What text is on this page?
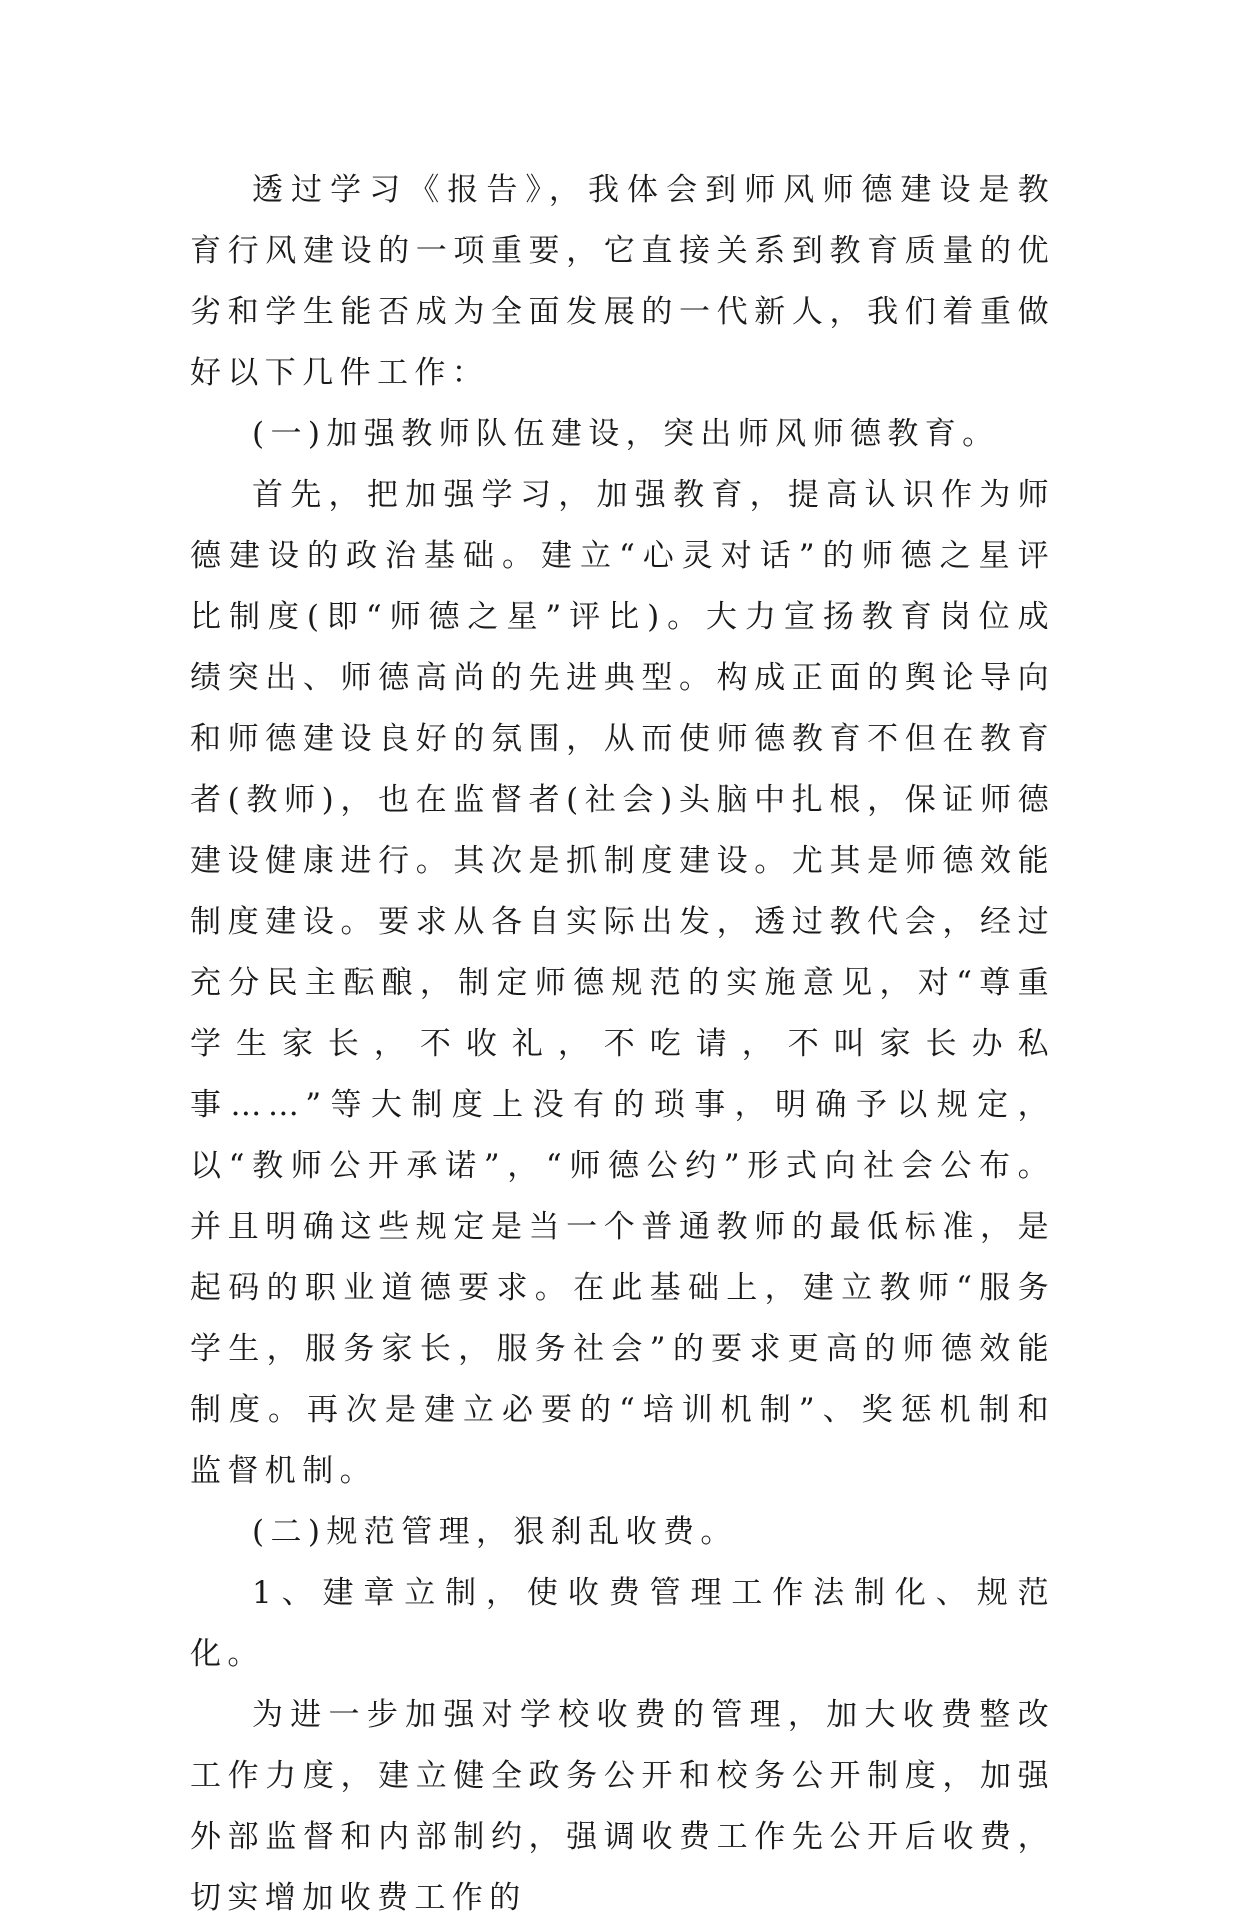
透过学习《报告》，我体会到师风师德建设是教育行风建设的一项重要，它直接关系到教育质量的优劣和学生能否成为全面发展的一代新人，我们着重做好以下几件工作：

(一)加强教师队伍建设，突出师风师德教育。

首先，把加强学习，加强教育，提高认识作为师德建设的政治基础。建立“心灵对话”的师德之星评比制度(即“师德之星”评比)。大力宣扬教育岗位成绩突出、师德高尚的先进典型。构成正面的舆论导向和师德建设良好的氛围，从而使师德教育不但在教育者(教师)，也在监督者(社会)头脑中扎根，保证师德建设健康进行。其次是抓制度建设。尤其是师德效能制度建设。要求从各自实际出发，透过教代会，经过充分民主酝酿，制定师德规范的实施意见，对“尊重学生家长，不收礼，不吃请，不叫家长办私事……”等大制度上没有的琐事，明确予以规定，以“教师公开承诺”，“师德公约”形式向社会公布。并且明确这些规定是当一个普通教师的最低标准，是起码的职业道德要求。在此基础上，建立教师“服务学生，服务家长，服务社会”的要求更高的师德效能制度。再次是建立必要的“培训机制”、奖惩机制和监督机制。

(二)规范管理，狠刹乱收费。

1、建章立制，使收费管理工作法制化、规范化。

为进一步加强对学校收费的管理，加大收费整改工作力度，建立健全政务公开和校务公开制度，加强外部监督和内部制约，强调收费工作先公开后收费，切实增加收费工作的
